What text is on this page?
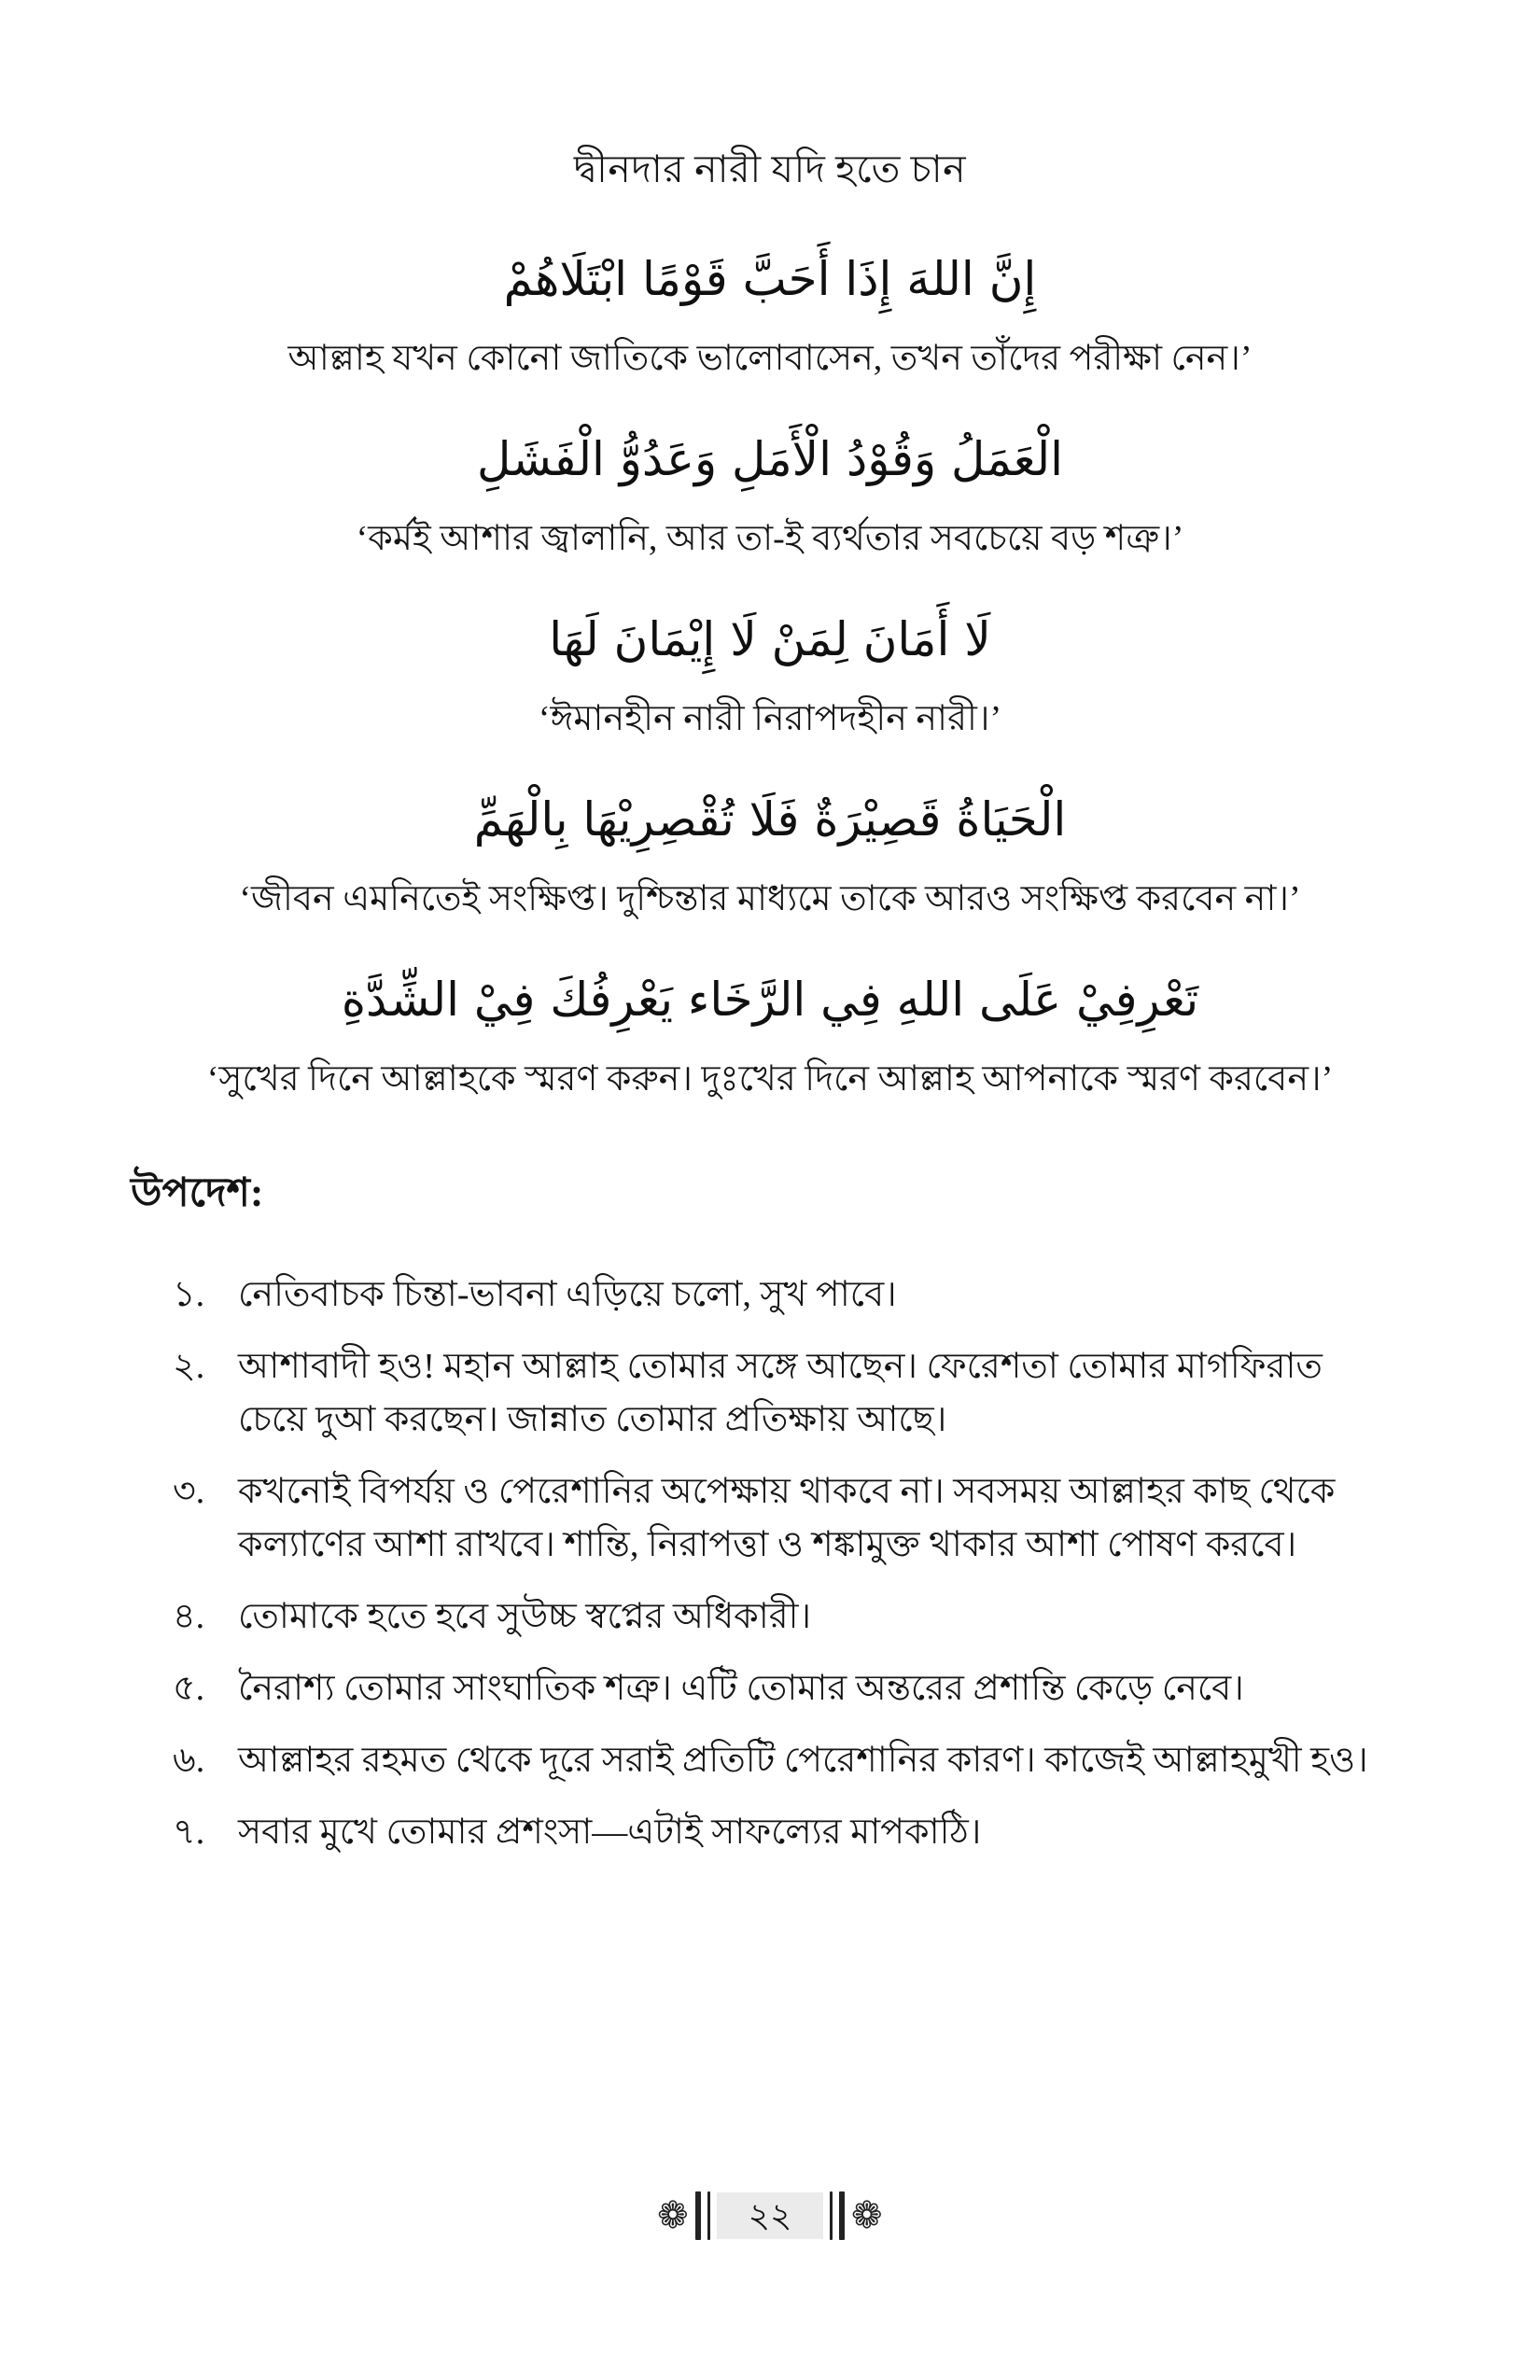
দ্বীনদার নারী যদি হতে চান
إِنَّ اللهَ إِذَا أَحَبَّ قَوْمًا ابْتَلَاهُمْ
আল্লাহ যখন কোনো জাতিকে ভালোবাসেন, তখন তাঁদের পরীক্ষা নেন।’
الْعَمَلُ وَقُوْدُ الْأَمَلِ وَعَدُوُّ الْفَشَلِ
‘কর্মই আশার জ্বালানি, আর তা-ই ব্যর্থতার সবচেয়ে বড় শত্রু।’
لَا أَمَانَ لِمَنْ لَا إِيْمَانَ لَهَا
‘ঈমানহীন নারী নিরাপদহীন নারী।’
الْحَيَاةُ قَصِيْرَةٌ فَلَا تُقْصِرِيْهَا بِالْهَمِّ
‘জীবন এমনিতেই সংক্ষিপ্ত। দুশ্চিন্তার মাধ্যমে তাকে আরও সংক্ষিপ্ত করবেন না।’
تَعْرِفِيْ عَلَى اللهِ فِي الرَّخَاء يَعْرِفُكَ فِيْ الشِّدَّةِ
‘সুখের দিনে আল্লাহকে স্মরণ করুন। দুঃখের দিনে আল্লাহ আপনাকে স্মরণ করবেন।’
উপদেশ:
১. নেতিবাচক চিন্তা-ভাবনা এড়িয়ে চলো, সুখ পাবে।
২. আশাবাদী হও! মহান আল্লাহ তোমার সঙ্গে আছেন। ফেরেশতা তোমার মাগফিরাত চেয়ে দুআ করছেন। জান্নাত তোমার প্রতিক্ষায় আছে।
৩. কখনোই বিপর্যয় ও পেরেশানির অপেক্ষায় থাকবে না। সবসময় আল্লাহর কাছ থেকে কল্যাণের আশা রাখবে। শান্তি, নিরাপত্তা ও শঙ্কামুক্ত থাকার আশা পোষণ করবে।
৪. তোমাকে হতে হবে সুউচ্চ স্বপ্নের অধিকারী।
৫. নৈরাশ্য তোমার সাংঘাতিক শত্রু। এটি তোমার অন্তরের প্রশান্তি কেড়ে নেবে।
৬. আল্লাহর রহমত থেকে দূরে সরাই প্রতিটি পেরেশানির কারণ। কাজেই আল্লাহমুখী হও।
৭. সবার মুখে তোমার প্রশংসা—এটাই সাফল্যের মাপকাঠি।
❁	২২	❁
